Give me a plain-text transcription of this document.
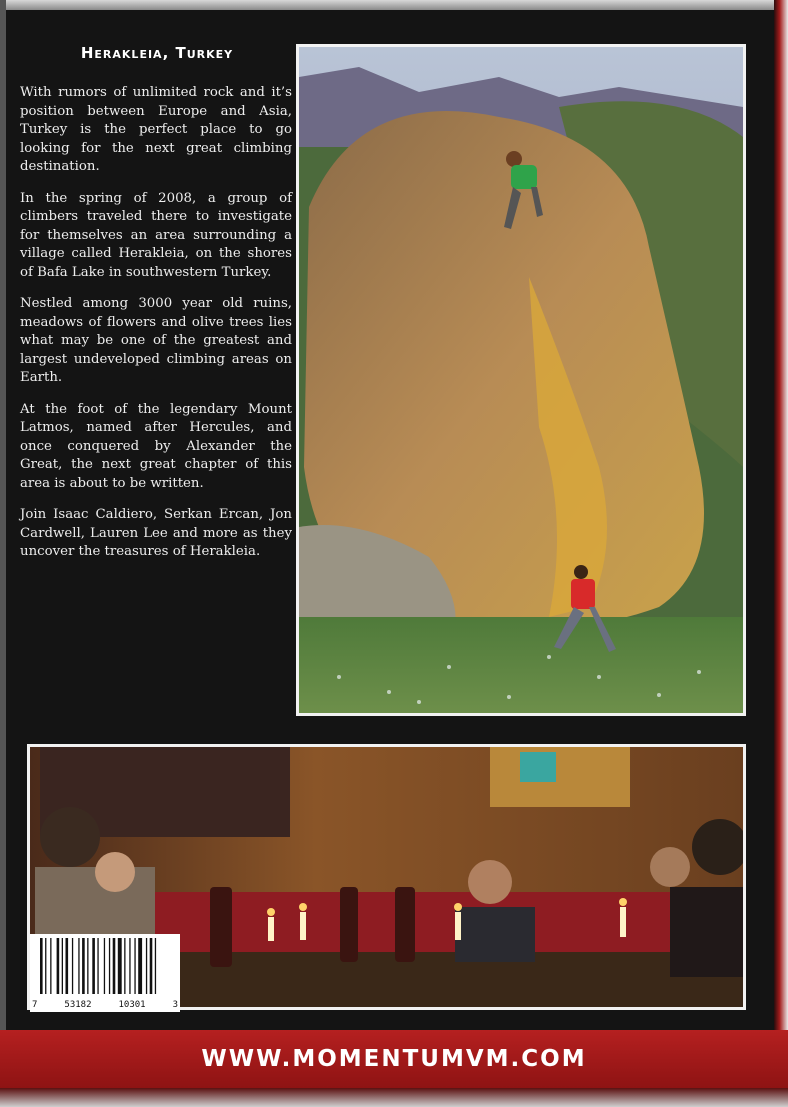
Herakleia, Turkey

With rumors of unlimited rock and it’s position between Europe and Asia, Turkey is the perfect place to go looking for the next great climbing destination.

In the spring of 2008, a group of climbers traveled there to investigate for themselves an area surrounding a village called Herakleia, on the shores of Bafa Lake in southwestern Turkey.

Nestled among 3000 year old ruins, meadows of flowers and olive trees lies what may be one of the greatest and largest undeveloped climbing areas on Earth.

At the foot of the legendary Mount Latmos, named after Hercules, and once conquered by Alexander the Great, the next great chapter of this area is about to be written.

Join Isaac Caldiero, Serkan Ercan, Jon Cardwell, Lauren Lee and more as they uncover the treasures of Herakleia.

7	53182	10301	3
WWW.MOMENTUMVM.COM
